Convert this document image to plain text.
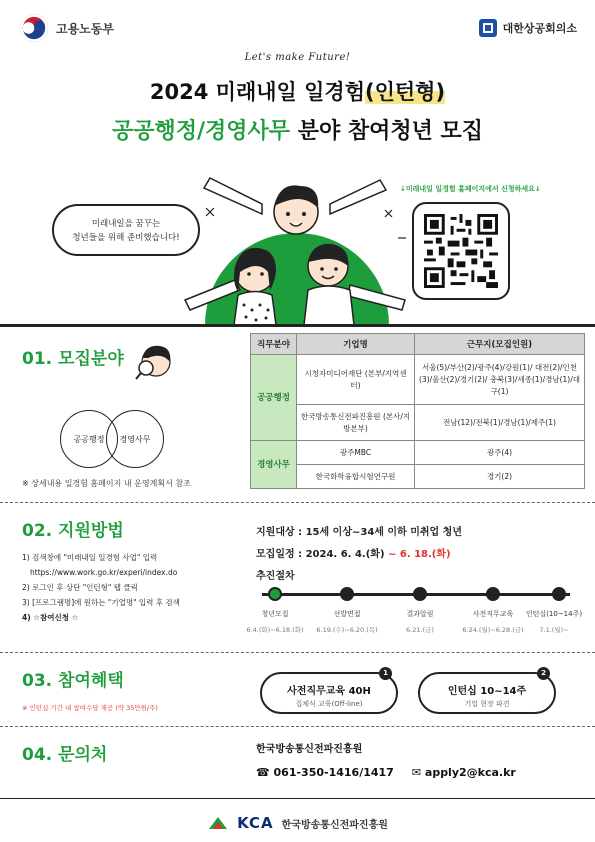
고용노동부	대한상공회의소
Let's make Future!
2024 미래내일 일경험(인턴형)
공공행정/경영사무 분야 참여청년 모집
미래내일을 꿈꾸는
청년들을 위해 준비했습니다!
↓미래내일 일경험 홈페이지에서 신청하세요↓
01. 모집분야
공공행정	경영사무
※ 상세내용 일경험 홈페이지 내 운영계획서 참조
직무분야	기업명	근무지(모집인원)
공공행정	시청자미디어재단 (본부/지역센터)	서울(5)/부산(2)/광주(4)/강원(1)/ 대전(2)/인천(3)/울산(2)/경기(2)/ 충북(3)/세종(1)/경남(1)/대구(1)
	한국방송통신전파진흥원 (본사/지방본부)	전남(12)/전북(1)/경남(1)/제주(1)
경영사무	광주MBC	광주(4)
	한국화학융합시험연구원	경기(2)
02. 지원방법
1) 검색창에 "미래내일 일경험 사업" 입력
https://www.work.go.kr/experi/index.do
2) 로그인 후 상단 "인턴형" 탭 클릭
3) [프로그램명]에 원하는 "기업명" 입력 후 검색
4) ☆참여신청 ☆
지원대상 : 15세 이상~34세 이하 미취업 청년
모집일정 : 2024. 6. 4.(화) ~ 6. 18.(화)
추진절차
청년모집	선발면접	결과알림	사전직무교육	인턴십(10~14주)
6.4.(화)~6.18.(화)	6.19.(수)~6.20.(목)	6.21.(금)	6.24.(월)~6.28.(금)	7.1.(월)~
03. 참여혜택
※ 인턴십 기간 내 참여수당 제공 (약 35만원/주)
1
사전직무교육 40H
집체식 교육(Off-line)
2
인턴십 10~14주
기업 현장 파견
04. 문의처	한국방송통신전파진흥원
☎ 061-350-1416/1417 ✉ apply2@kca.kr
KCA 한국방송통신전파진흥원
